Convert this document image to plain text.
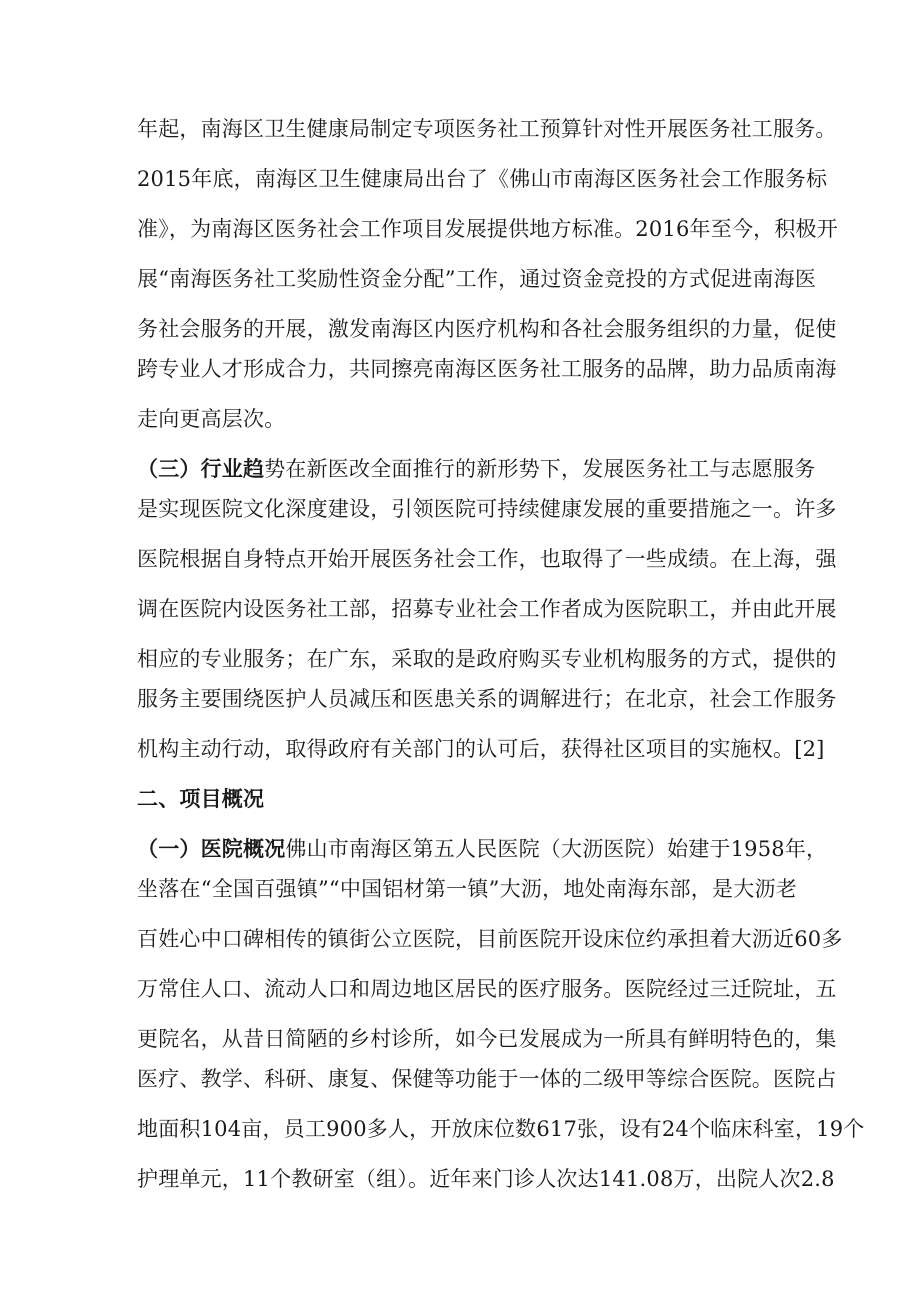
年起，南海区卫生健康局制定专项医务社工预算针对性开展医务社工服务。
2015年底，南海区卫生健康局出台了《佛山市南海区医务社会工作服务标
准》，为南海区医务社会工作项目发展提供地方标准。2016年至今，积极开
展“南海医务社工奖励性资金分配”工作，通过资金竞投的方式促进南海医
务社会服务的开展，激发南海区内医疗机构和各社会服务组织的力量，促使
跨专业人才形成合力，共同擦亮南海区医务社工服务的品牌，助力品质南海
走向更高层次。
（三）行业趋势在新医改全面推行的新形势下，发展医务社工与志愿服务
是实现医院文化深度建设，引领医院可持续健康发展的重要措施之一。许多
医院根据自身特点开始开展医务社会工作，也取得了一些成绩。在上海，强
调在医院内设医务社工部，招募专业社会工作者成为医院职工，并由此开展
相应的专业服务；在广东，采取的是政府购买专业机构服务的方式，提供的
服务主要围绕医护人员减压和医患关系的调解进行；在北京，社会工作服务
机构主动行动，取得政府有关部门的认可后，获得社区项目的实施权。[2]
二、项目概况
（一）医院概况佛山市南海区第五人民医院（大沥医院）始建于1958年，
坐落在“全国百强镇”“中国铝材第一镇”大沥，地处南海东部，是大沥老
百姓心中口碑相传的镇街公立医院，目前医院开设床位约承担着大沥近60多
万常住人口、流动人口和周边地区居民的医疗服务。医院经过三迁院址，五
更院名，从昔日简陋的乡村诊所，如今已发展成为一所具有鲜明特色的，集
医疗、教学、科研、康复、保健等功能于一体的二级甲等综合医院。医院占
地面积104亩，员工900多人，开放床位数617张，设有24个临床科室，19个
护理单元，11个教研室（组）。近年来门诊人次达141.08万，出院人次2.8
